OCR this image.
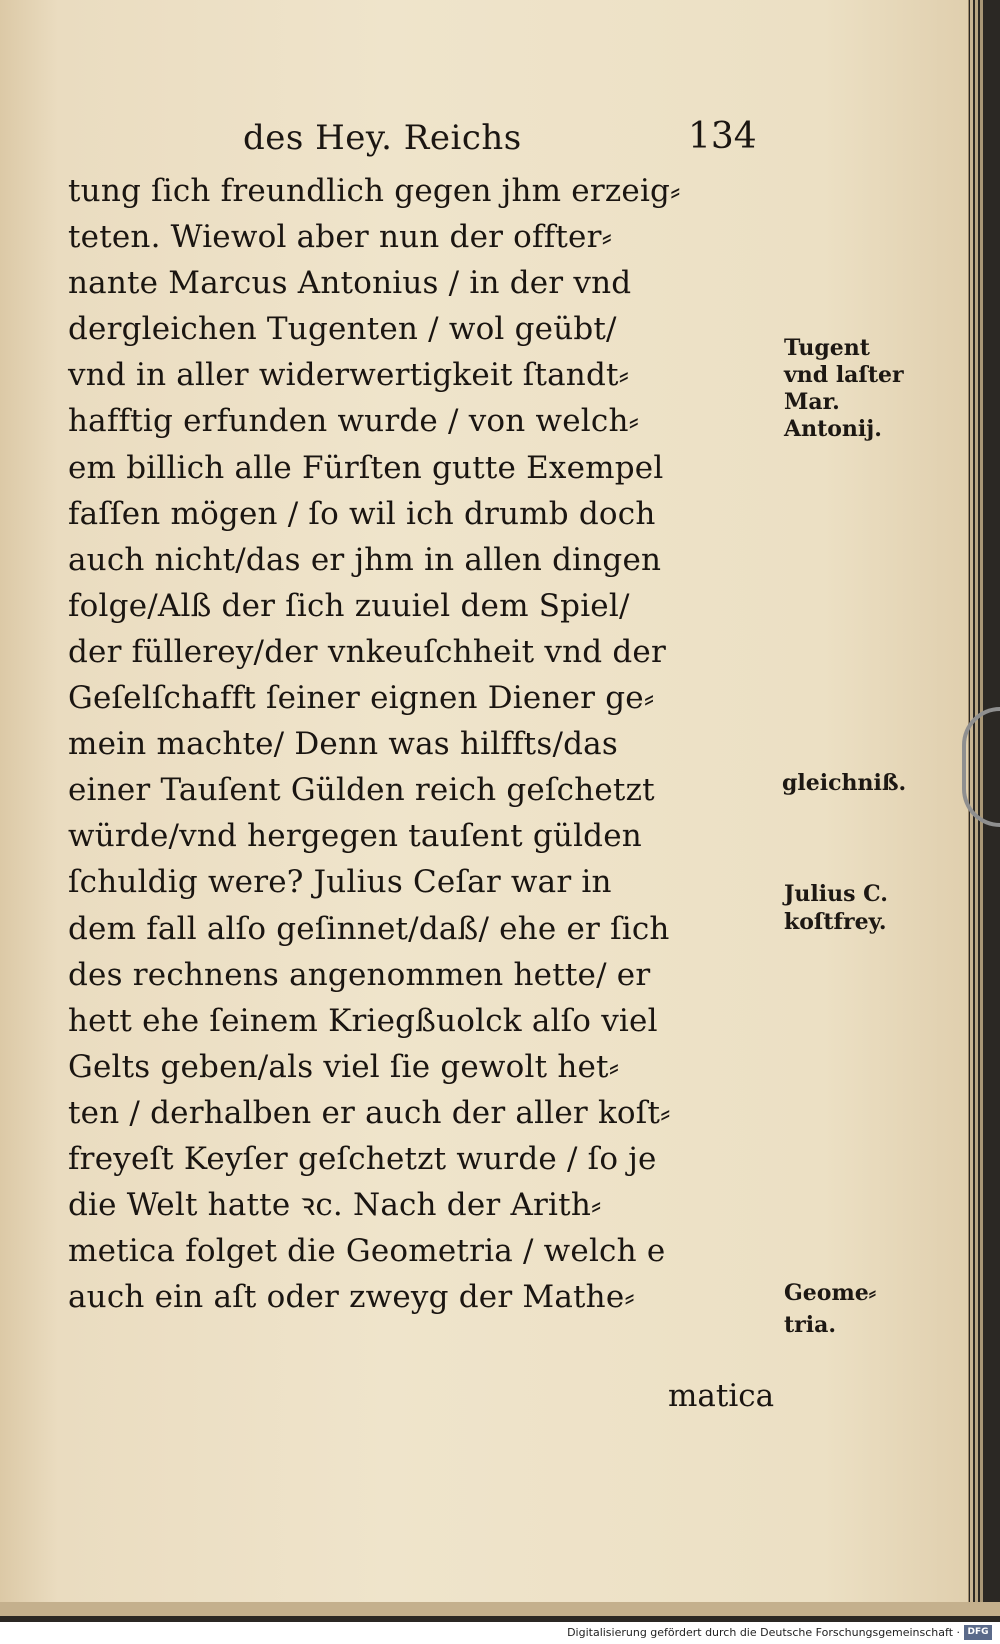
des Hey. Reichs	134
tung ſich freundlich gegen jhm erzeig⸗
teten. Wiewol aber nun der offter⸗
nante Marcus Antonius / in der vnd
dergleichen Tugenten / wol geübt/
vnd in aller widerwertigkeit ſtandt⸗
hafftig erfunden wurde / von welch⸗
em billich alle Fürſten gutte Exempel
faſſen mögen / ſo wil ich drumb doch
auch nicht/das er jhm in allen dingen
folge/Alß der ſich zuuiel dem Spiel/
der füllerey/der vnkeuſchheit vnd der
Geſelſchafft ſeiner eignen Diener ge⸗
mein machte/ Denn was hilffts/das
einer Tauſent Gülden reich geſchetzt
würde/vnd hergegen tauſent gülden
ſchuldig were? Julius Ceſar war in
dem fall alſo geſinnet/daß/ ehe er ſich
des rechnens angenommen hette/ er
hett ehe ſeinem Kriegßuolck alſo viel
Gelts geben/als viel ſie gewolt het⸗
ten / derhalben er auch der aller koſt⸗
freyeſt Keyſer geſchetzt wurde / ſo je
die Welt hatte ꝛc. Nach der Arith⸗
metica folget die Geometria / welch e
auch ein aſt oder zweyg der Mathe⸗
matica
Tugent
vnd laſter
Mar.
Antonij.
gleichniß.
Julius C.
koſtfrey.
Geome⸗
tria.
Digitalisierung gefördert durch die Deutsche Forschungsgemeinschaft · DFG
